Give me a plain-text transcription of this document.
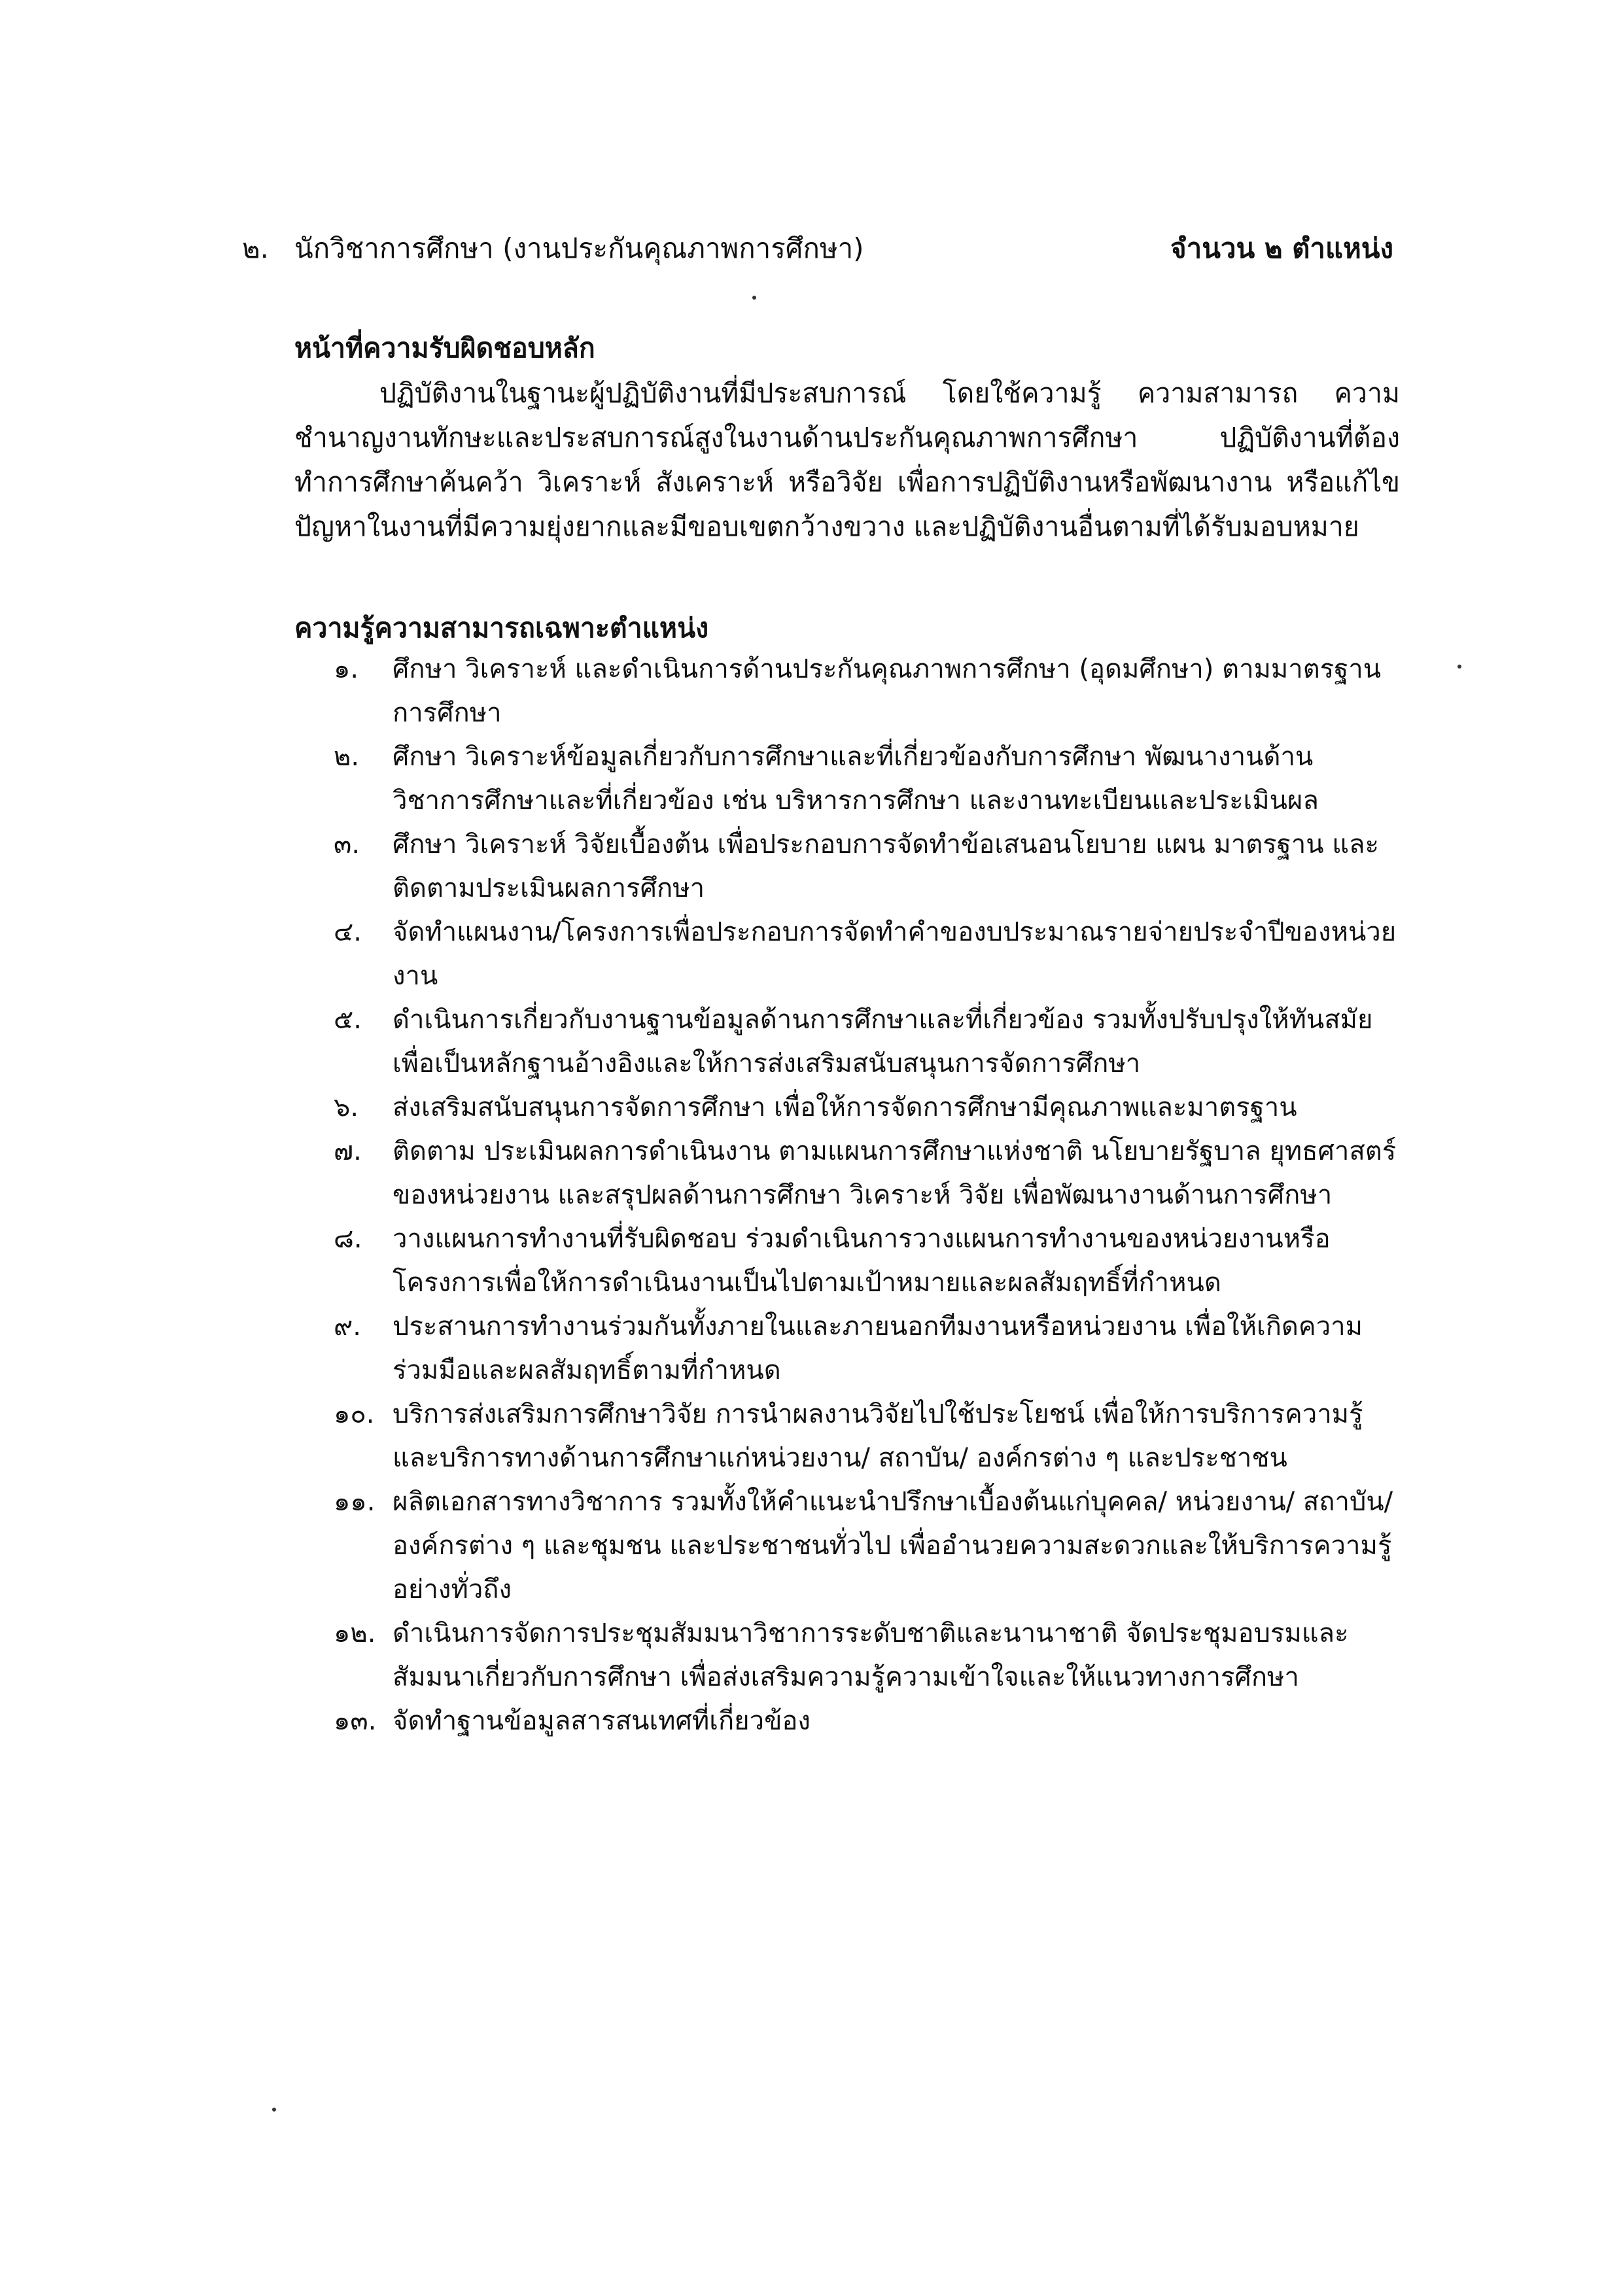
๒. นักวิชาการศึกษา (งานประกันคุณภาพการศึกษา)	จำนวน ๒ ตำแหน่ง
หน้าที่ความรับผิดชอบหลัก
ปฏิบัติงานในฐานะผู้ปฏิบัติงานที่มีประสบการณ์ โดยใช้ความรู้ ความสามารถ ความชำนาญงานทักษะและประสบการณ์สูงในงานด้านประกันคุณภาพการศึกษา ปฏิบัติงานที่ต้องทำการศึกษาค้นคว้า วิเคราะห์ สังเคราะห์ หรือวิจัย เพื่อการปฏิบัติงานหรือพัฒนางาน หรือแก้ไขปัญหาในงานที่มีความยุ่งยากและมีขอบเขตกว้างขวาง และปฏิบัติงานอื่นตามที่ได้รับมอบหมาย
ความรู้ความสามารถเฉพาะตำแหน่ง
๑.	ศึกษา วิเคราะห์ และดำเนินการด้านประกันคุณภาพการศึกษา (อุดมศึกษา) ตามมาตรฐานการศึกษา
๒.	ศึกษา วิเคราะห์ข้อมูลเกี่ยวกับการศึกษาและที่เกี่ยวข้องกับการศึกษา พัฒนางานด้านวิชาการศึกษาและที่เกี่ยวข้อง เช่น บริหารการศึกษา และงานทะเบียนและประเมินผล
๓.	ศึกษา วิเคราะห์ วิจัยเบื้องต้น เพื่อประกอบการจัดทำข้อเสนอนโยบาย แผน มาตรฐาน และติดตามประเมินผลการศึกษา
๔.	จัดทำแผนงาน/โครงการเพื่อประกอบการจัดทำคำของบประมาณรายจ่ายประจำปีของหน่วยงาน
๕.	ดำเนินการเกี่ยวกับงานฐานข้อมูลด้านการศึกษาและที่เกี่ยวข้อง รวมทั้งปรับปรุงให้ทันสมัยเพื่อเป็นหลักฐานอ้างอิงและให้การส่งเสริมสนับสนุนการจัดการศึกษา
๖.	ส่งเสริมสนับสนุนการจัดการศึกษา เพื่อให้การจัดการศึกษามีคุณภาพและมาตรฐาน
๗.	ติดตาม ประเมินผลการดำเนินงาน ตามแผนการศึกษาแห่งชาติ นโยบายรัฐบาล ยุทธศาสตร์ของหน่วยงาน และสรุปผลด้านการศึกษา วิเคราะห์ วิจัย เพื่อพัฒนางานด้านการศึกษา
๘.	วางแผนการทำงานที่รับผิดชอบ ร่วมดำเนินการวางแผนการทำงานของหน่วยงานหรือโครงการเพื่อให้การดำเนินงานเป็นไปตามเป้าหมายและผลสัมฤทธิ์ที่กำหนด
๙.	ประสานการทำงานร่วมกันทั้งภายในและภายนอกทีมงานหรือหน่วยงาน เพื่อให้เกิดความร่วมมือและผลสัมฤทธิ์ตามที่กำหนด
๑๐. บริการส่งเสริมการศึกษาวิจัย การนำผลงานวิจัยไปใช้ประโยชน์ เพื่อให้การบริการความรู้และบริการทางด้านการศึกษาแก่หน่วยงาน/ สถาบัน/ องค์กรต่าง ๆ และประชาชน
๑๑. ผลิตเอกสารทางวิชาการ รวมทั้งให้คำแนะนำปรึกษาเบื้องต้นแก่บุคคล/ หน่วยงาน/ สถาบัน/ องค์กรต่าง ๆ และชุมชน และประชาชนทั่วไป เพื่ออำนวยความสะดวกและให้บริการความรู้อย่างทั่วถึง
๑๒. ดำเนินการจัดการประชุมสัมมนาวิชาการระดับชาติและนานาชาติ จัดประชุมอบรมและสัมมนาเกี่ยวกับการศึกษา เพื่อส่งเสริมความรู้ความเข้าใจและให้แนวทางการศึกษา
๑๓. จัดทำฐานข้อมูลสารสนเทศที่เกี่ยวข้อง
